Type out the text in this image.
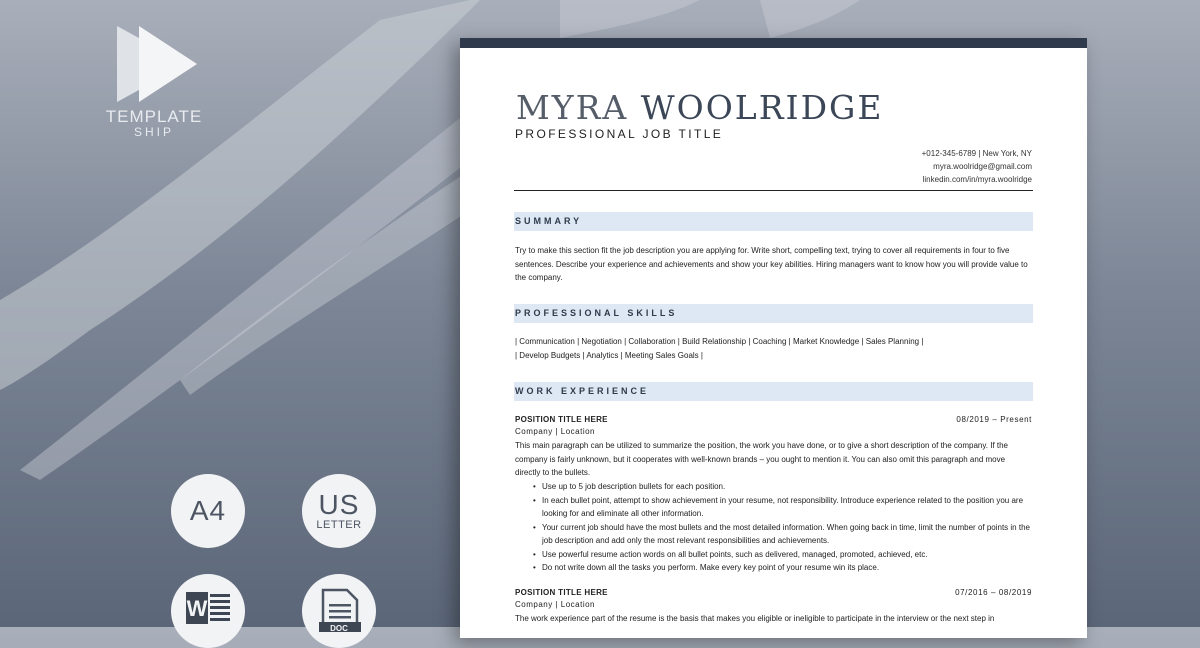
TEMPLATE
SHIP
A4	US
LETTER
W
DOC
MYRA WOOLRIDGE
PROFESSIONAL JOB TITLE
+012-345-6789 | New York, NY
myra.woolridge@gmail.com
linkedin.com/in/myra.woolridge
SUMMARY
Try to make this section fit the job description you are applying for. Write short, compelling text, trying to cover all requirements in four to five sentences. Describe your experience and achievements and show your key abilities. Hiring managers want to know how you will provide value to the company.
PROFESSIONAL SKILLS
| Communication | Negotiation | Collaboration | Build Relationship | Coaching | Market Knowledge | Sales Planning |
| Develop Budgets | Analytics | Meeting Sales Goals |
WORK EXPERIENCE
POSITION TITLE HERE	08/2019 – Present
Company | Location
This main paragraph can be utilized to summarize the position, the work you have done, or to give a short description of the company. If the company is fairly unknown, but it cooperates with well-known brands – you ought to mention it. You can also omit this paragraph and move directly to the bullets.
• Use up to 5 job description bullets for each position.
• In each bullet point, attempt to show achievement in your resume, not responsibility. Introduce experience related to the position you are looking for and eliminate all other information.
• Your current job should have the most bullets and the most detailed information. When going back in time, limit the number of points in the job description and add only the most relevant responsibilities and achievements.
• Use powerful resume action words on all bullet points, such as delivered, managed, promoted, achieved, etc.
• Do not write down all the tasks you perform. Make every key point of your resume win its place.
POSITION TITLE HERE	07/2016 – 08/2019
Company | Location
The work experience part of the resume is the basis that makes you eligible or ineligible to participate in the interview or the next step in
